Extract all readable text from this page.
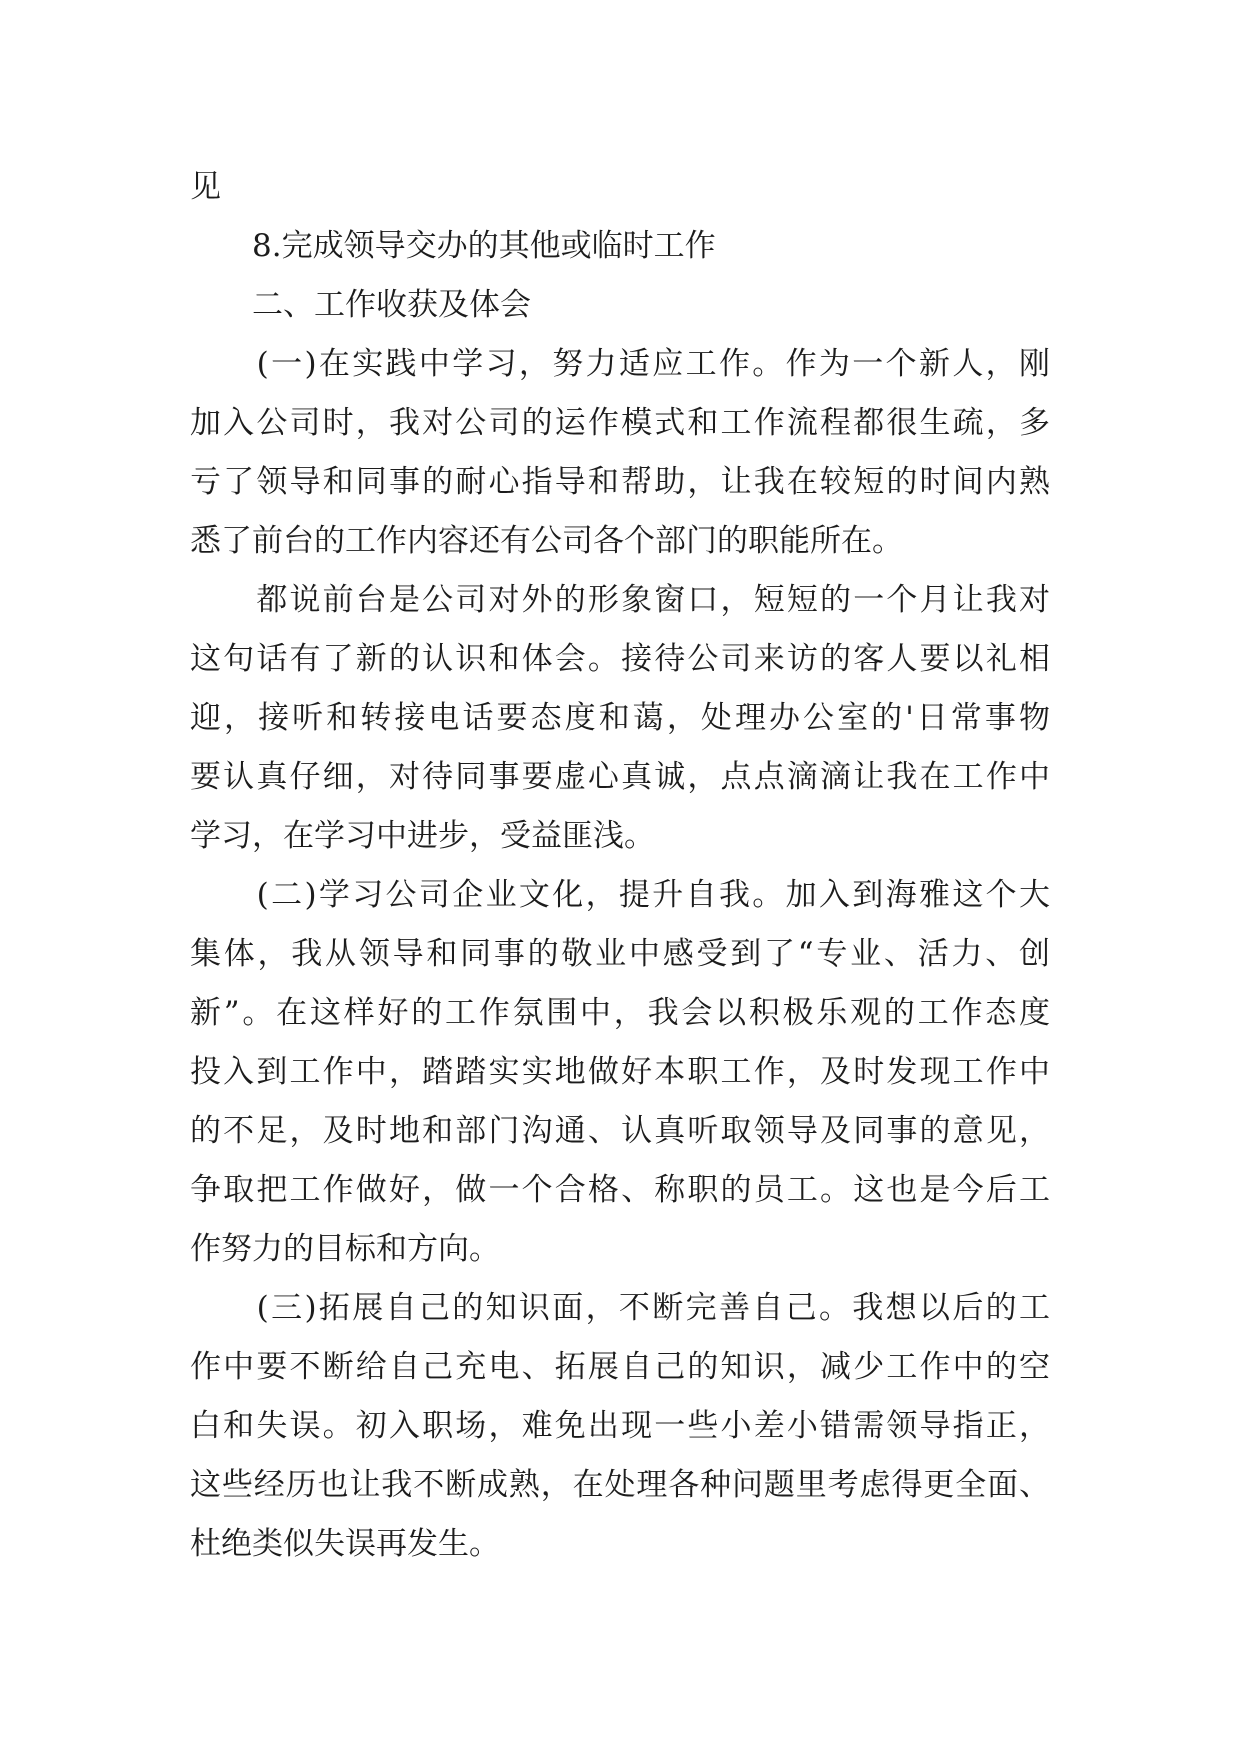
见
　　8.完成领导交办的其他或临时工作
　　二、工作收获及体会
　　(一)在实践中学习，努力适应工作。作为一个新人，刚
加入公司时，我对公司的运作模式和工作流程都很生疏，多
亏了领导和同事的耐心指导和帮助，让我在较短的时间内熟
悉了前台的工作内容还有公司各个部门的职能所在。
　　都说前台是公司对外的形象窗口，短短的一个月让我对
这句话有了新的认识和体会。接待公司来访的客人要以礼相
迎，接听和转接电话要态度和蔼，处理办公室的'日常事物
要认真仔细，对待同事要虚心真诚，点点滴滴让我在工作中
学习，在学习中进步，受益匪浅。
　　(二)学习公司企业文化，提升自我。加入到海雅这个大
集体，我从领导和同事的敬业中感受到了“专业、活力、创
新”。在这样好的工作氛围中，我会以积极乐观的工作态度
投入到工作中，踏踏实实地做好本职工作，及时发现工作中
的不足，及时地和部门沟通、认真听取领导及同事的意见，
争取把工作做好，做一个合格、称职的员工。这也是今后工
作努力的目标和方向。
　　(三)拓展自己的知识面，不断完善自己。我想以后的工
作中要不断给自己充电、拓展自己的知识，减少工作中的空
白和失误。初入职场，难免出现一些小差小错需领导指正，
这些经历也让我不断成熟，在处理各种问题里考虑得更全面、
杜绝类似失误再发生。
